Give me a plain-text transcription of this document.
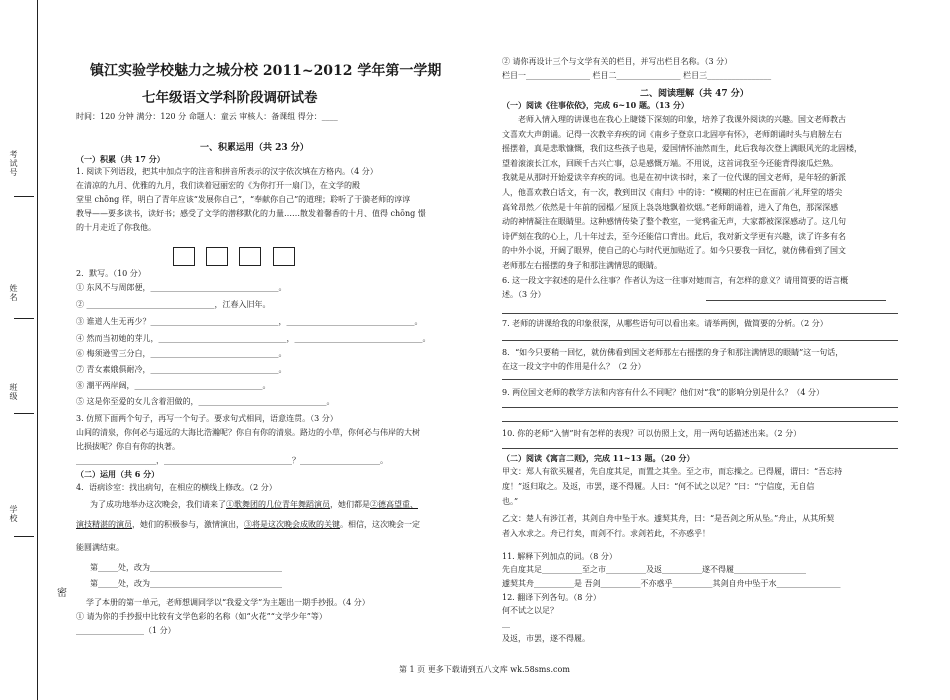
考试号
姓名
班级
学校
密
镇江实验学校魅力之城分校 2011~2012 学年第一学期
七年级语文学科阶段调研试卷
时间：120 分钟 满分：120 分 命题人：童云 审核人：备课组 得分：____
一、积累运用（共 23 分）
（一）积累（共 17 分）
1. 阅读下列语段，把其中加点字的注音和拼音所表示的汉字依次填在方格内。（4 分）
在清凉的九月、优雅的九月，我们读着冠丽宏的《为你打开一扇门》，在文学的殿
堂里 chōng 徉，明白了青年应该“发展你自己”，“奉献你自己”的道理；聆听了于漪老师的谆谆
教导——要多读书，读好书；感受了文学的潜移默化的力量……散发着馨香的十月、值得 chōng 憬
的十月走近了你我他。
2．默写。（10 分）
① 东风不与周郎便，________________________________。
② ________________________________，江春入旧年。
③ 谁道人生无再少？________________________________，________________________________。
④ 然而当初她的芽儿，________________________________，________________________________。
⑥ 梅须逊雪三分白，________________________________。
⑦ 青女素娥俱耐冷，________________________________。
⑧ 潮平两岸阔，________________________________。
⑤ 这是你至爱的女儿含着泪做的，________________________________。
3. 仿照下面两个句子，再写一个句子。要求句式相同，语意连贯。（3 分）
山间的清泉，你何必与遥远的大海比浩瀚呢？你自有你的清泉。路边的小草，你何必与伟岸的大树
比损拔呢？你自有你的执著。
____________________，________________________________？____________________。
（二）运用（共 6 分）
4．语病诊室：找出病句，在相应的横线上修改。（2 分）
为了成功地举办这次晚会，我们请来了①歌舞团的几位青年舞蹈演员，她们都是②德高望重、
演技精湛的演员，她们的积极参与，激情演出，③将是这次晚会成败的关键。相信，这次晚会一定
能圆满结束。
第_____处，改为_________________________________
第_____处，改为_________________________________
学了本册的第一单元，老师想调同学以“我爱文学”为主题出一期手抄报。（4 分）
① 请为你的手抄报中比较有文学色彩的名称（如“火花”“文学少年”等）
_________________（1 分）
② 请你再设计三个与文学有关的栏目，并写出栏目名称。（3 分）
栏目一________________ 栏目二________________ 栏目三________________
二、阅读理解（共 47 分）
（一）阅读《往事依依》，完成 6~10 题。（13 分）
老师入情入理的讲课也在我心上睫镂下深刻的印象，培养了我课外阅读的兴趣。国文老师教古
文喜欢大声朗诵。记得一次教辛弃疾的词《南乡子登京口北固亭有怀》，老师朗诵时头与肩膀左右
摇摆着，真是悲歌慷慨，我们这些孩子也是，爱国情怀油然而生，此后我每次登上满眼风光的北固楼，
望着滚滚长江水，回顾千古兴亡事，总是感慨万端。不用说，这首词我至今还能背得滚瓜烂熟。
我就是从那时开始爱读辛弃疾的词。也是在初中读书时，来了一位代课的国文老师，是年轻的新派
人，他喜欢教白话文，有一次，教到田汉《南归》中的诗：“模糊的村庄已在面前／礼拜堂的塔尖
高耸昂然／依然是十年前的园榻／屋顶上袅袅地飘着炊烟。”老师朗诵着，进入了角色，那深深感
动的神情凝注在眼睛里。这种感情传染了整个教室，一觉鸦雀无声，大家都被深深感动了。这几句
诗俨刻在我的心上，几十年过去，至今还能信口背出。此后，我对新文学更有兴趣，读了许多有名
的中外小说，开阔了眼界，使自己的心与时代更加贴近了。如今只要我一回忆，就仿佛看到了国文
老师那左右摇摆的身子和那注满情思的眼睛。
6. 这一段文字叙述的是什么往事？作者认为这一往事对她而言，有怎样的意义？请用简要的语言概
述。（3 分）
7. 老师的讲课给我的印象很深，从哪些语句可以看出来。请举两例，做简要的分析。（2 分）
8．“如今只要稍一回忆，就仿佛看到国文老师那左右摇摆的身子和那注满情思的眼睛”这一句话，
在这一段文字中的作用是什么？（2 分）
9. 两位国文老师的教学方法和内容有什么不同呢？他们对“我”的影响分别是什么？（4 分）
10. 你的老师“入情”时有怎样的表现？可以仿照上文，用一两句话描述出来。（2 分）
（二）阅读《寓言二则》，完成 11~13 题。（20 分）
甲文：郑人有欲买履者，先自度其足，而置之其坐。至之市，而忘操之。已得履，谓曰：“吾忘持
度！”返归取之。及返，市罢，遂不得履。人曰：“何不试之以足？”曰：“宁信度，无自信
也。”
乙文：楚人有涉江者，其剑自舟中坠于水。遽契其舟，曰：“是吾剑之所从坠。”舟止，从其所契
者入水求之。舟已行矣，而剑不行。求剑若此，不亦惑乎！
11. 解释下列加点的词。（8 分）
先自度其足__________至之市__________及返__________遂不得履__________________
遽契其舟__________是 吾剑__________不亦惑乎__________其剑自舟中坠于水________________
12. 翻译下列各句。（8 分）
何不试之以足？
__
及返，市罢，遂不得履。
第 1 页 更多下载请到五八文库 wk.58sms.com
